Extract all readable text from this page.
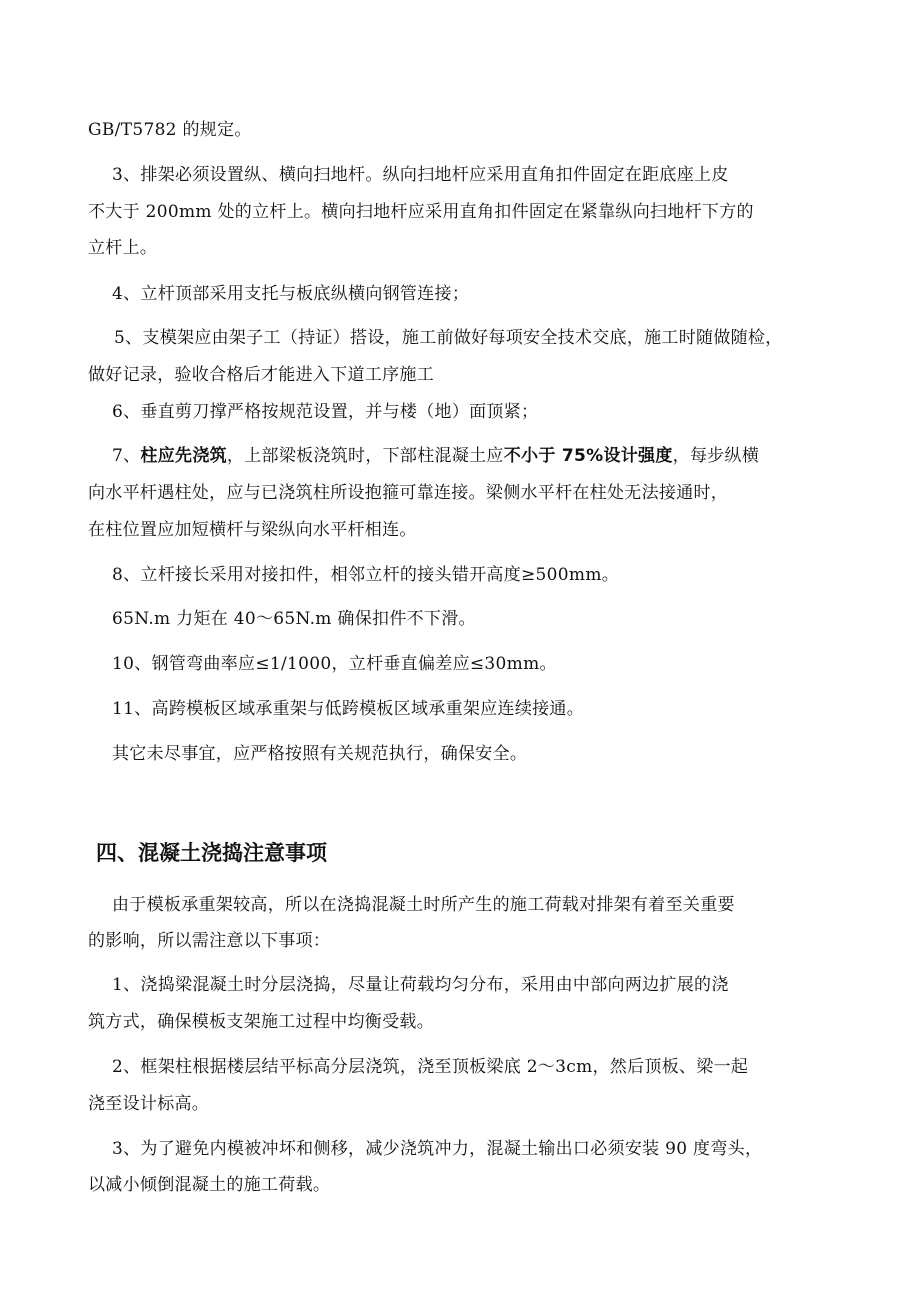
GB/T5782 的规定。
3、排架必须设置纵、横向扫地杆。纵向扫地杆应采用直角扣件固定在距底座上皮
不大于 200mm 处的立杆上。横向扫地杆应采用直角扣件固定在紧靠纵向扫地杆下方的
立杆上。
4、立杆顶部采用支托与板底纵横向钢管连接；
5、支模架应由架子工（持证）搭设，施工前做好每项安全技术交底，施工时随做随检，
做好记录，验收合格后才能进入下道工序施工
6、垂直剪刀撑严格按规范设置，并与楼（地）面顶紧；
7、柱应先浇筑，上部梁板浇筑时，下部柱混凝土应不小于 75%设计强度，每步纵横
向水平杆遇柱处，应与已浇筑柱所设抱箍可靠连接。梁侧水平杆在柱处无法接通时，
在柱位置应加短横杆与梁纵向水平杆相连。
8、立杆接长采用对接扣件，相邻立杆的接头错开高度≥500mm。
65N.m 力矩在 40～65N.m 确保扣件不下滑。
10、钢管弯曲率应≤1/1000，立杆垂直偏差应≤30mm。
11、高跨模板区域承重架与低跨模板区域承重架应连续接通。
其它未尽事宜，应严格按照有关规范执行，确保安全。
四、混凝土浇捣注意事项
由于模板承重架较高，所以在浇捣混凝土时所产生的施工荷载对排架有着至关重要
的影响，所以需注意以下事项：
1、浇捣梁混凝土时分层浇捣，尽量让荷载均匀分布，采用由中部向两边扩展的浇
筑方式，确保模板支架施工过程中均衡受载。
2、框架柱根据楼层结平标高分层浇筑，浇至顶板梁底 2～3cm，然后顶板、梁一起
浇至设计标高。
3、为了避免内模被冲坏和侧移，减少浇筑冲力，混凝土输出口必须安装 90 度弯头，
以减小倾倒混凝土的施工荷载。
